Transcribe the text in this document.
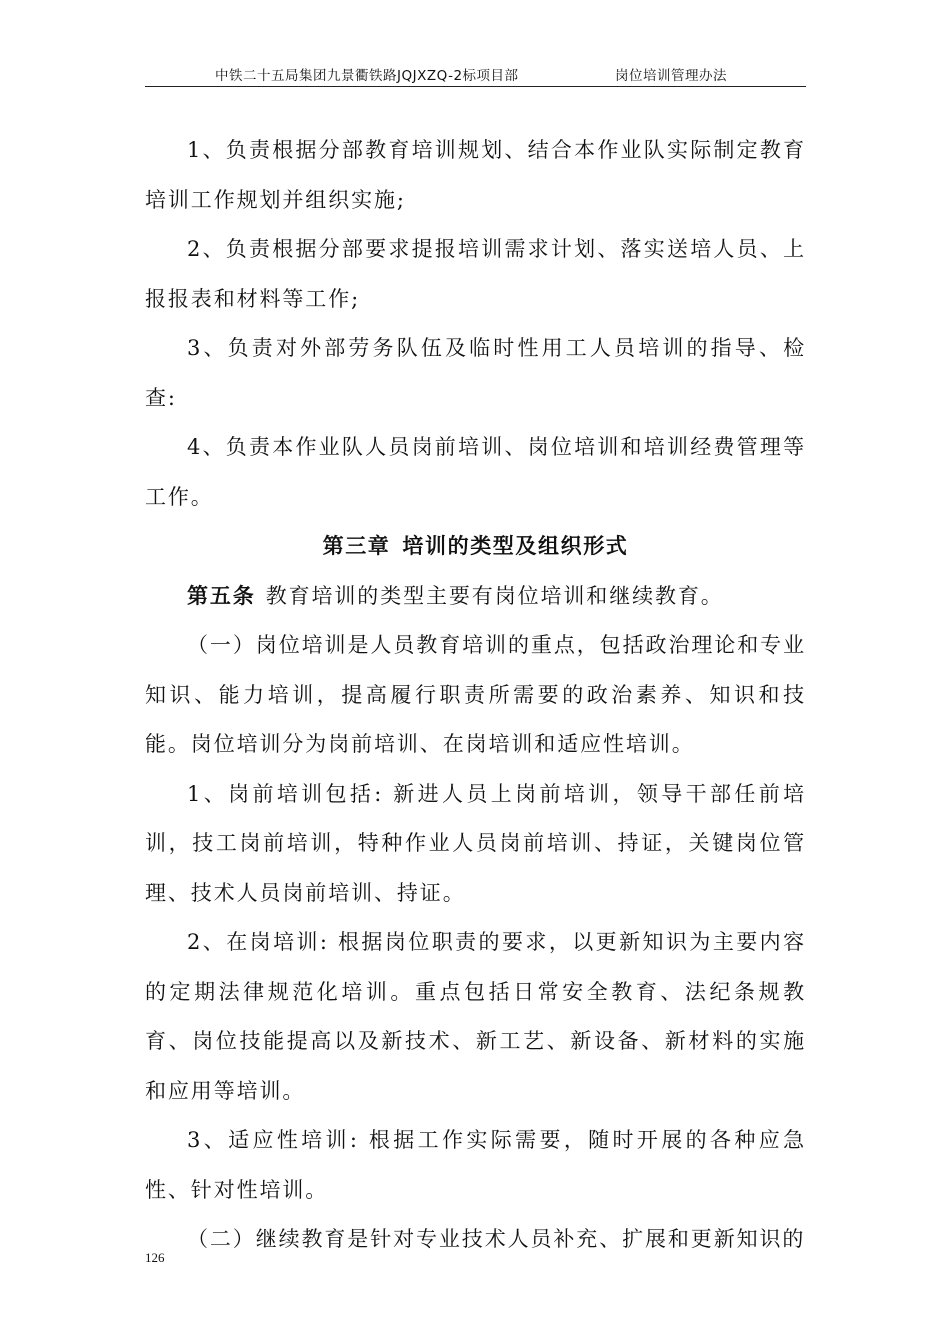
中铁二十五局集团九景衢铁路JQJXZQ-2标项目部	岗位培训管理办法

1、负责根据分部教育培训规划、结合本作业队实际制定教育培训工作规划并组织实施;

2、负责根据分部要求提报培训需求计划、落实送培人员、上报报表和材料等工作;

3、负责对外部劳务队伍及临时性用工人员培训的指导、检查:

4、负责本作业队人员岗前培训、岗位培训和培训经费管理等工作。

第三章 培训的类型及组织形式

第五条 教育培训的类型主要有岗位培训和继续教育。

（一）岗位培训是人员教育培训的重点，包括政治理论和专业知识、能力培训，提高履行职责所需要的政治素养、知识和技能。岗位培训分为岗前培训、在岗培训和适应性培训。

1、岗前培训包括: 新进人员上岗前培训，领导干部任前培训，技工岗前培训，特种作业人员岗前培训、持证，关键岗位管理、技术人员岗前培训、持证。

2、在岗培训: 根据岗位职责的要求，以更新知识为主要内容的定期法律规范化培训。重点包括日常安全教育、法纪条规教育、岗位技能提高以及新技术、新工艺、新设备、新材料的实施和应用等培训。

3、适应性培训: 根据工作实际需要，随时开展的各种应急性、针对性培训。

（二）继续教育是针对专业技术人员补充、扩展和更新知识的

126
